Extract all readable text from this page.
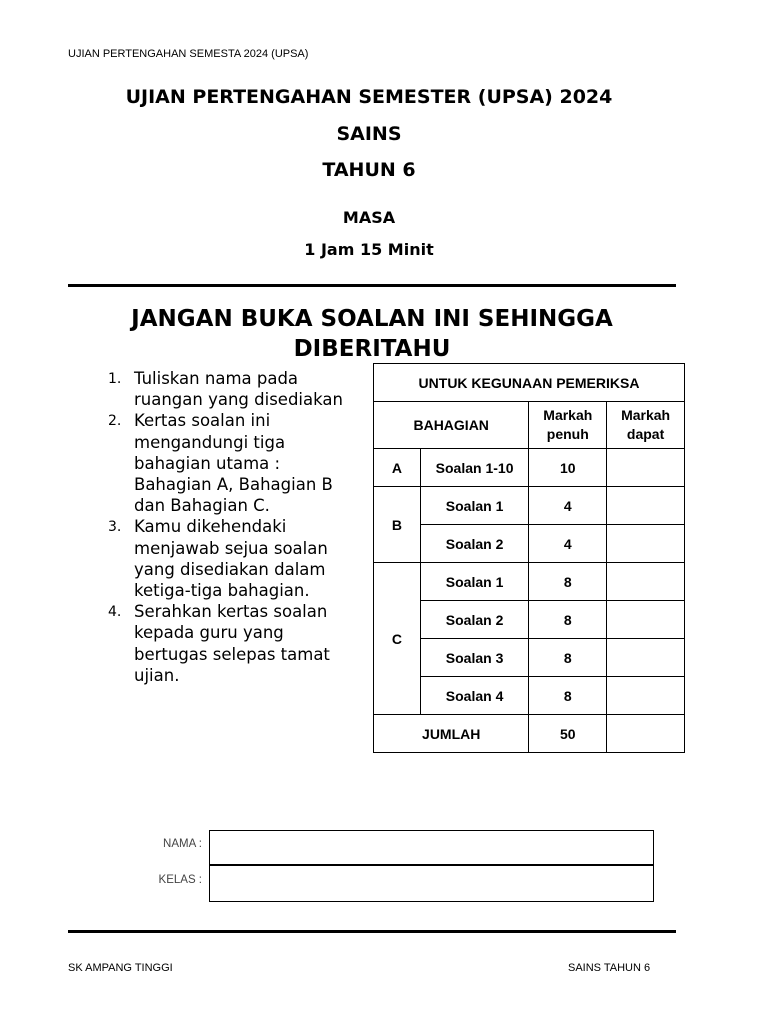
UJIAN PERTENGAHAN SEMESTA 2024 (UPSA)
UJIAN PERTENGAHAN SEMESTER (UPSA) 2024
SAINS
TAHUN 6
MASA
1 Jam 15 Minit
JANGAN BUKA SOALAN INI SEHINGGA DIBERITAHU
1. Tuliskan nama pada ruangan yang disediakan
2. Kertas soalan ini mengandungi tiga bahagian utama : Bahagian A, Bahagian B dan Bahagian C.
3. Kamu dikehendaki menjawab sejua soalan yang disediakan dalam ketiga-tiga bahagian.
4. Serahkan kertas soalan kepada guru yang bertugas selepas tamat ujian.
UNTUK KEGUNAAN PEMERIKSA			
BAHAGIAN		Markah penuh	Markah dapat
A	Soalan 1-10	10	
B	Soalan 1	4	
	Soalan 2	4	
C	Soalan 1	8	
	Soalan 2	8	
	Soalan 3	8	
	Soalan 4	8	
JUMLAH		50	
NAMA :
KELAS :
SK AMPANG TINGGI	SAINS TAHUN 6
